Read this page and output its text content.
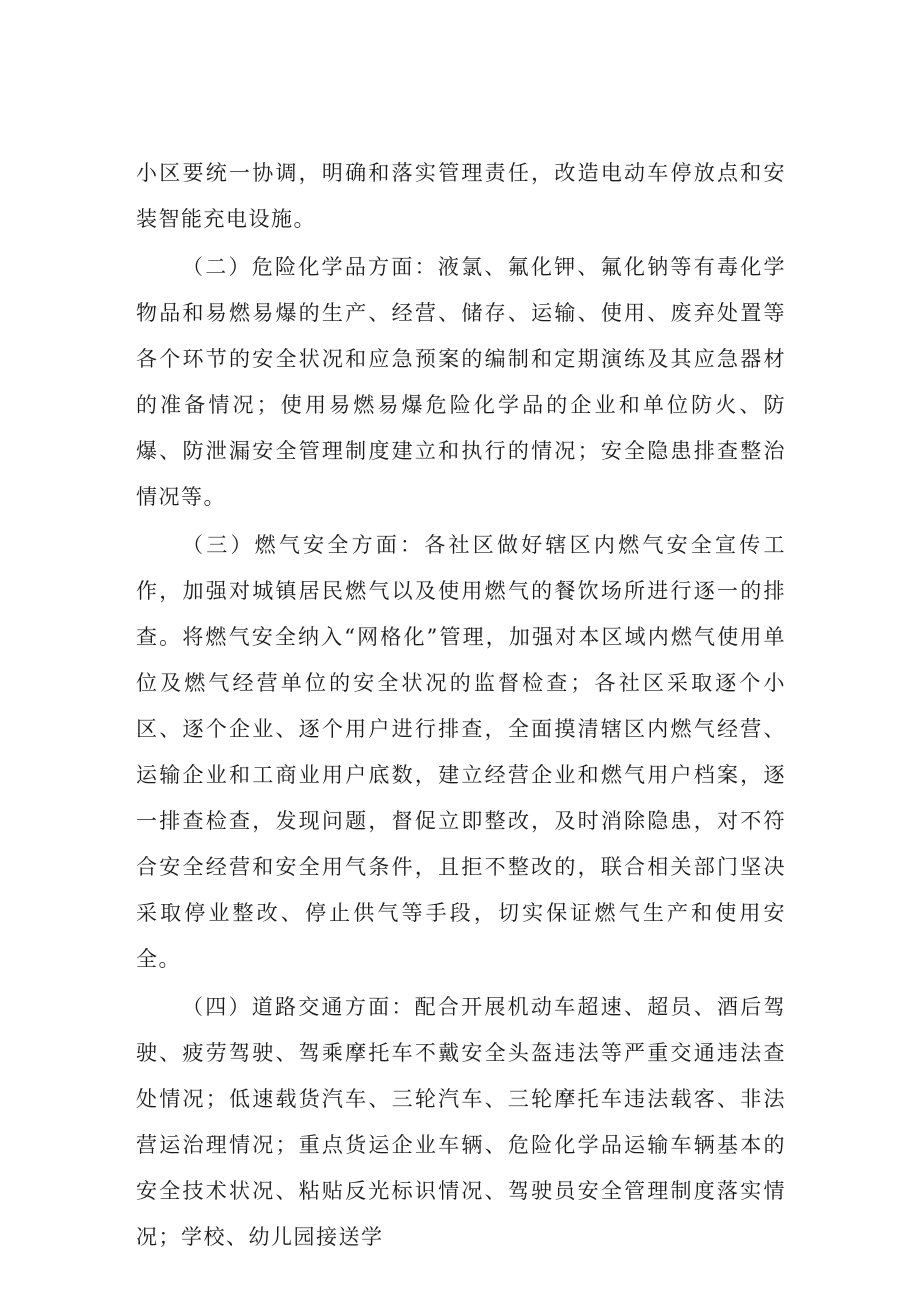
小区要统一协调，明确和落实管理责任，改造电动车停放点和安装智能充电设施。

（二）危险化学品方面：液氯、氟化钾、氟化钠等有毒化学物品和易燃易爆的生产、经营、储存、运输、使用、废弃处置等各个环节的安全状况和应急预案的编制和定期演练及其应急器材的准备情况；使用易燃易爆危险化学品的企业和单位防火、防爆、防泄漏安全管理制度建立和执行的情况；安全隐患排查整治情况等。

（三）燃气安全方面：各社区做好辖区内燃气安全宣传工作，加强对城镇居民燃气以及使用燃气的餐饮场所进行逐一的排查。将燃气安全纳入“网格化”管理，加强对本区域内燃气使用单位及燃气经营单位的安全状况的监督检查；各社区采取逐个小区、逐个企业、逐个用户进行排查，全面摸清辖区内燃气经营、运输企业和工商业用户底数，建立经营企业和燃气用户档案，逐一排查检查，发现问题，督促立即整改，及时消除隐患，对不符合安全经营和安全用气条件，且拒不整改的，联合相关部门坚决采取停业整改、停止供气等手段，切实保证燃气生产和使用安全。

（四）道路交通方面：配合开展机动车超速、超员、酒后驾驶、疲劳驾驶、驾乘摩托车不戴安全头盔违法等严重交通违法查处情况；低速载货汽车、三轮汽车、三轮摩托车违法载客、非法营运治理情况；重点货运企业车辆、危险化学品运输车辆基本的安全技术状况、粘贴反光标识情况、驾驶员安全管理制度落实情况；学校、幼儿园接送学
